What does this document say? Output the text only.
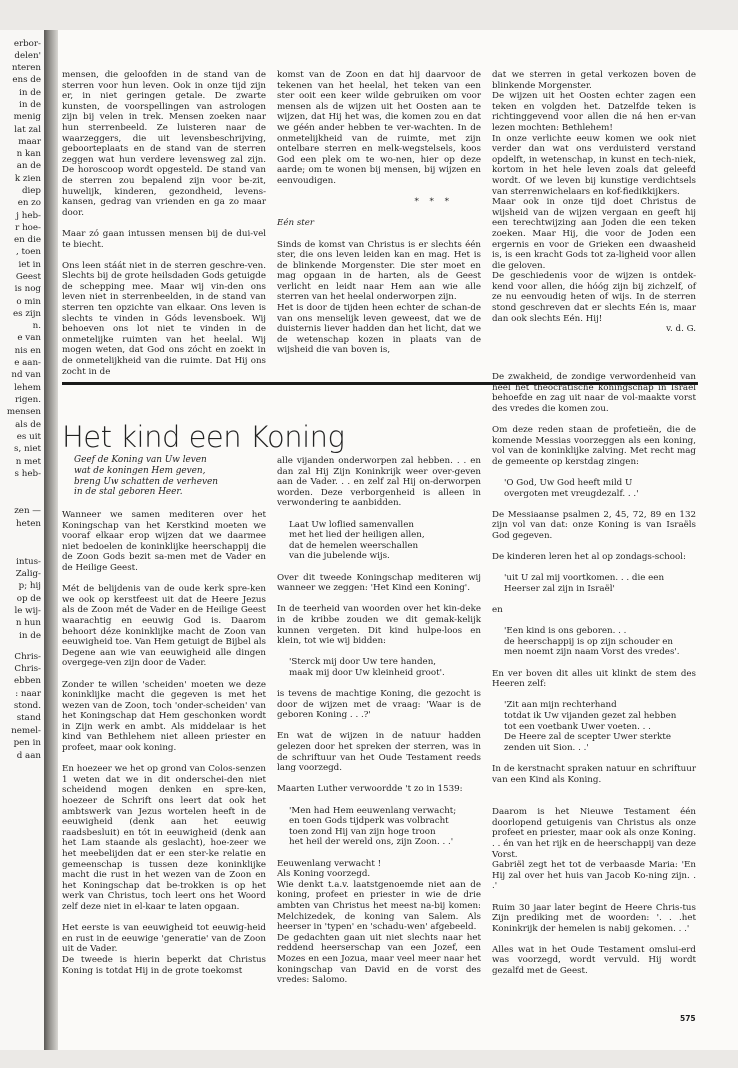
erbor-
delen'
nteren
ens de
in de
in de
menig
lat zal
maar
n kan
an de
k zien
diep
en zo
j heb-
r hoe-
en die
, toen
iet in
Geest
is nog
o min
es zijn
n.
e van
nis en
e aan-
nd van
lehem
rigen.
mensen
als de
es uit
s, niet
n met
s heb-
zen —
heten
intus-
Zalig-
p; hij
op de
le wij-
n hun
in de
Chris-
Chris-
ebben
: naar
stond.
stand
nemel-
pen in
d aan

mensen, die geloofden in de stand van de sterren voor hun leven. Ook in onze tijd zijn er, in niet geringen getale. De zwarte kunsten, de voorspellingen van astrologen zijn bij velen in trek. Mensen zoeken naar hun sterrenbeeld. Ze luisteren naar de waarzeggers, die uit levensbeschrijving, geboorteplaats en de stand van de sterren zeggen wat hun verdere levensweg zal zijn. De horoscoop wordt opgesteld. De stand van de sterren zou bepalend zijn voor be-zit, huwelijk, kinderen, gezondheid, levens-kansen, gedrag van vrienden en ga zo maar door.

Maar zó gaan intussen mensen bij de dui-vel te biecht.

Ons leen stáát niet in de sterren geschre-ven. Slechts bij de grote heilsdaden Gods getuigde de schepping mee. Maar wij vin-den ons leven niet in sterrenbeelden, in de stand van sterren ten opzichte van elkaar. Ons leven is slechts te vinden in Góds levensboek. Wij behoeven ons lot niet te vinden in de onmetelijke ruimten van het heelal. Wij mogen weten, dat God ons zócht en zoekt in de onmetelijkheid van die ruimte. Dat Hij ons zocht in de

komst van de Zoon en dat hij daarvoor de tekenen van het heelal, het teken van een ster ooit een keer wilde gebruiken om voor mensen als de wijzen uit het Oosten aan te wijzen, dat Hij het was, die komen zou en dat we géén ander hebben te ver-wachten. In de onmetelijkheid van de ruimte, met zijn ontelbare sterren en melk-wegstelsels, koos God een plek om te wo-nen, hier op deze aarde; om te wonen bij mensen, bij wijzen en eenvoudigen.

* * *

Eén ster

Sinds de komst van Christus is er slechts één ster, die ons leven leiden kan en mag. Het is de blinkende Morgenster. Die ster moet en mag opgaan in de harten, als de Geest verlicht en leidt naar Hem aan wie alle sterren van het heelal onderworpen zijn.

Het is door de tijden heen echter de schan-de van ons menselijk leven geweest, dat we de duisternis liever hadden dan het licht, dat we de wetenschap kozen in plaats van de wijsheid die van boven is,

dat we sterren in getal verkozen boven de blinkende Morgenster.

De wijzen uit het Oosten echter zagen een teken en volgden het. Datzelfde teken is richtinggevend voor allen die ná hen er-van lezen mochten: Bethlehem!

In onze verlichte eeuw komen we ook niet verder dan wat ons verduisterd verstand opdelft, in wetenschap, in kunst en tech-niek, kortom in het hele leven zoals dat geleefd wordt. Of we leven bij kunstige verdichtsels van sterrenwichelaars en kof-fiedikkijkers.

Maar ook in onze tijd doet Christus de wijsheid van de wijzen vergaan en geeft hij een terechtwijzing aan Joden die een teken zoeken. Maar Hij, die voor de Joden een ergernis en voor de Grieken een dwaasheid is, is een kracht Gods tot za-ligheid voor allen die geloven.

De geschiedenis voor de wijzen is ontdek-kend voor allen, die hóóg zijn bij zichzelf, of ze nu eenvoudig heten of wijs. In de sterren stond geschreven dat er slechts Eén is, maar dan ook slechts Eén. Hij!

v. d. G.

Het kind een Koning
Geef de Koning van Uw leven
wat de koningen Hem geven,
breng Uw schatten de verheven
in de stal geboren Heer.

Wanneer we samen mediteren over het Koningschap van het Kerstkind moeten we vooraf elkaar erop wijzen dat we daarmee niet bedoelen de koninklijke heerschappij die de Zoon Gods bezit sa-men met de Vader en de Heilige Geest.

Mét de belijdenis van de oude kerk spre-ken we ook op kerstfeest uit dat de Heere Jezus als de Zoon mét de Vader en de Heilige Geest waarachtig en eeuwig God is. Daarom behoort déze koninklijke macht de Zoon van eeuwigheid toe. Van Hem getuigt de Bijbel als Degene aan wie van eeuwigheid alle dingen overgege-ven zijn door de Vader.

Zonder te willen 'scheiden' moeten we deze koninklijke macht die gegeven is met het wezen van de Zoon, toch 'onder-scheiden' van het Koningschap dat Hem geschonken wordt in Zijn werk en ambt. Als middelaar is het kind van Bethlehem niet alleen priester en profeet, maar ook koning.

En hoezeer we het op grond van Colos-senzen 1 weten dat we in dit onderschei-den niet scheidend mogen denken en spre-ken, hoezeer de Schrift ons leert dat ook het ambtswerk van Jezus wortelen heeft in de eeuwigheid (denk aan het eeuwig raadsbesluit) en tót in eeuwigheid (denk aan het Lam staande als geslacht), hoe-zeer we het meebelijden dat er een ster-ke relatie en gemeenschap is tussen deze koninklijke macht die rust in het wezen van de Zoon en het Koningschap dat be-trokken is op het werk van Christus, toch leert ons het Woord zelf deze niet in el-kaar te laten opgaan.

Het eerste is van eeuwigheid tot eeuwig-heid en rust in de eeuwige 'generatie' van de Zoon uit de Vader.

De tweede is hierin beperkt dat Christus Koning is totdat Hij in de grote toekomst

alle vijanden onderworpen zal hebben. . . en dan zal Hij Zijn Koninkrijk weer over-geven aan de Vader. . . en zelf zal Hij on-derworpen worden. Deze verborgenheid is alleen in verwondering te aanbidden.

Laat Uw loflied samenvallen
met het lied der heiligen allen,
dat de hemelen weerschallen
van die jubelende wijs.

Over dit tweede Koningschap mediteren wij wanneer we zeggen: 'Het Kind een Koning'.

In de teerheid van woorden over het kin-deke in de kribbe zouden we dit gemak-kelijk kunnen vergeten. Dit kind hulpe-loos en klein, tot wie wij bidden:

'Sterck mij door Uw tere handen,
maak mij door Uw kleinheid groot'.

is tevens de machtige Koning, die gezocht is door de wijzen met de vraag: 'Waar is de geboren Koning . . .?'

En wat de wijzen in de natuur hadden gelezen door het spreken der sterren, was in de schriftuur van het Oude Testament reeds lang voorzegd.

Maarten Luther verwoordde 't zo in 1539:

'Men had Hem eeuwenlang verwacht;
en toen Gods tijdperk was volbracht
toen zond Hij van zijn hoge troon
het heil der wereld ons, zijn Zoon. . .'

Eeuwenlang verwacht !
Als Koning voorzegd.
Wie denkt t.a.v. laatstgenoemde niet aan de koning, profeet en priester in wie de drie ambten van Christus het meest na-bij komen: Melchizedek, de koning van Salem. Als heerser in 'typen' en 'schadu-wen' afgebeeld.
De gedachten gaan uit niet slechts naar het reddend heerserschap van een Jozef, een Mozes en een Jozua, maar veel meer naar het koningschap van David en de vorst des vredes: Salomo.

De zwakheid, de zondige verwordenheid van heel het theocratische koningschap in Israël behoefde en zag uit naar de vol-maakte vorst des vredes die komen zou.

Om deze reden staan de profetieën, die de komende Messias voorzeggen als een koning, vol van de koninklijke zalving. Met recht mag de gemeente op kerstdag zingen:

'O God, Uw God heeft mild U
overgoten met vreugdezalf. . .'

De Messiaanse psalmen 2, 45, 72, 89 en 132 zijn vol van dat: onze Koning is van Israëls God gegeven.

De kinderen leren het al op zondags-school:

'uit U zal mij voortkomen. . . die een
Heerser zal zijn in Israël'

en

'Een kind is ons geboren. . .
de heerschappij is op zijn schouder en
men noemt zijn naam Vorst des vredes'.

En ver boven dit alles uit klinkt de stem des Heeren zelf:

'Zit aan mijn rechterhand
totdat ik Uw vijanden gezet zal hebben
tot een voetbank Uwer voeten. . .
De Heere zal de scepter Uwer sterkte
zenden uit Sion. . .'

In de kerstnacht spraken natuur en schriftuur van een Kind als Koning.

Daarom is het Nieuwe Testament één doorlopend getuigenis van Christus als onze profeet en priester, maar ook als onze Koning. . . én van het rijk en de heerschappij van deze Vorst.
Gabriël zegt het tot de verbaasde Maria: 'En Hij zal over het huis van Jacob Ko-ning zijn. . .'

Ruim 30 jaar later begint de Heere Chris-tus Zijn prediking met de woorden: '. . .het Koninkrijk der hemelen is nabij gekomen. . .'

Alles wat in het Oude Testament omslui-erd was voorzegd, wordt vervuld. Hij wordt gezalfd met de Geest.

575
